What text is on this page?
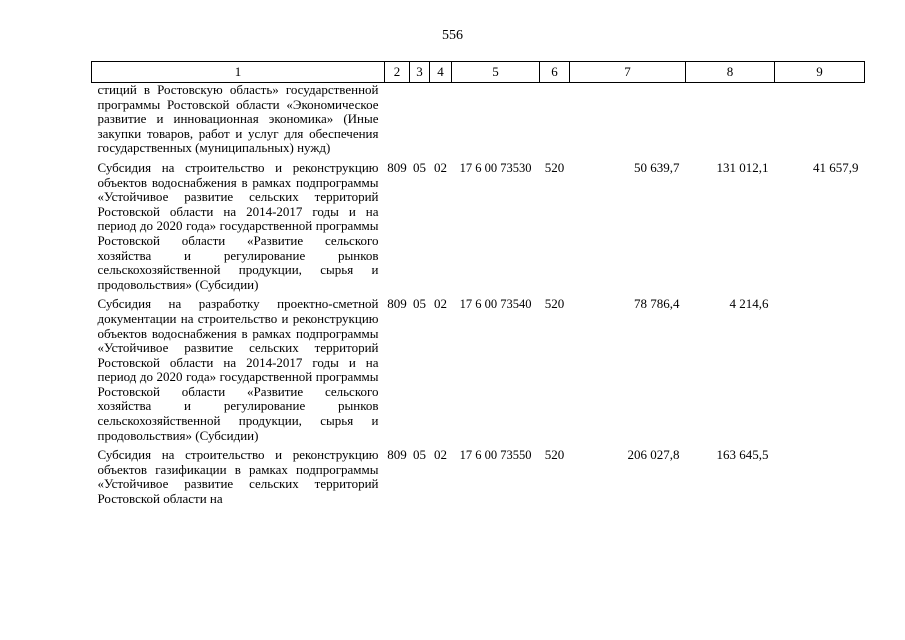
556
1	2	3	4	5	6	7	8	9
стиций в Ростовскую область» государственной программы Ростовской области «Экономическое развитие и инновационная экономика» (Иные закупки товаров, работ и услуг для обеспечения государственных (муниципальных) нужд)								
Субсидия на строительство и реконструкцию объектов водоснабжения в рамках подпрограммы «Устойчивое развитие сельских территорий Ростовской области на 2014-2017 годы и на период до 2020 года» государственной программы Ростовской области «Развитие сельского хозяйства и регулирование рынков сельскохозяйственной продукции, сырья и продовольствия» (Субсидии)	809	05	02	17 6 00 73530	520	50 639,7	131 012,1	41 657,9
Субсидия на разработку проектно-сметной документации на строительство и реконструкцию объектов водоснабжения в рамках подпрограммы «Устойчивое развитие сельских территорий Ростовской области на 2014-2017 годы и на период до 2020 года» государственной программы Ростовской области «Развитие сельского хозяйства и регулирование рынков сельскохозяйственной продукции, сырья и продовольствия» (Субсидии)	809	05	02	17 6 00 73540	520	78 786,4	4 214,6	
Субсидия на строительство и реконструкцию объектов газификации в рамках подпрограммы «Устойчивое развитие сельских территорий Ростовской области на	809	05	02	17 6 00 73550	520	206 027,8	163 645,5	
